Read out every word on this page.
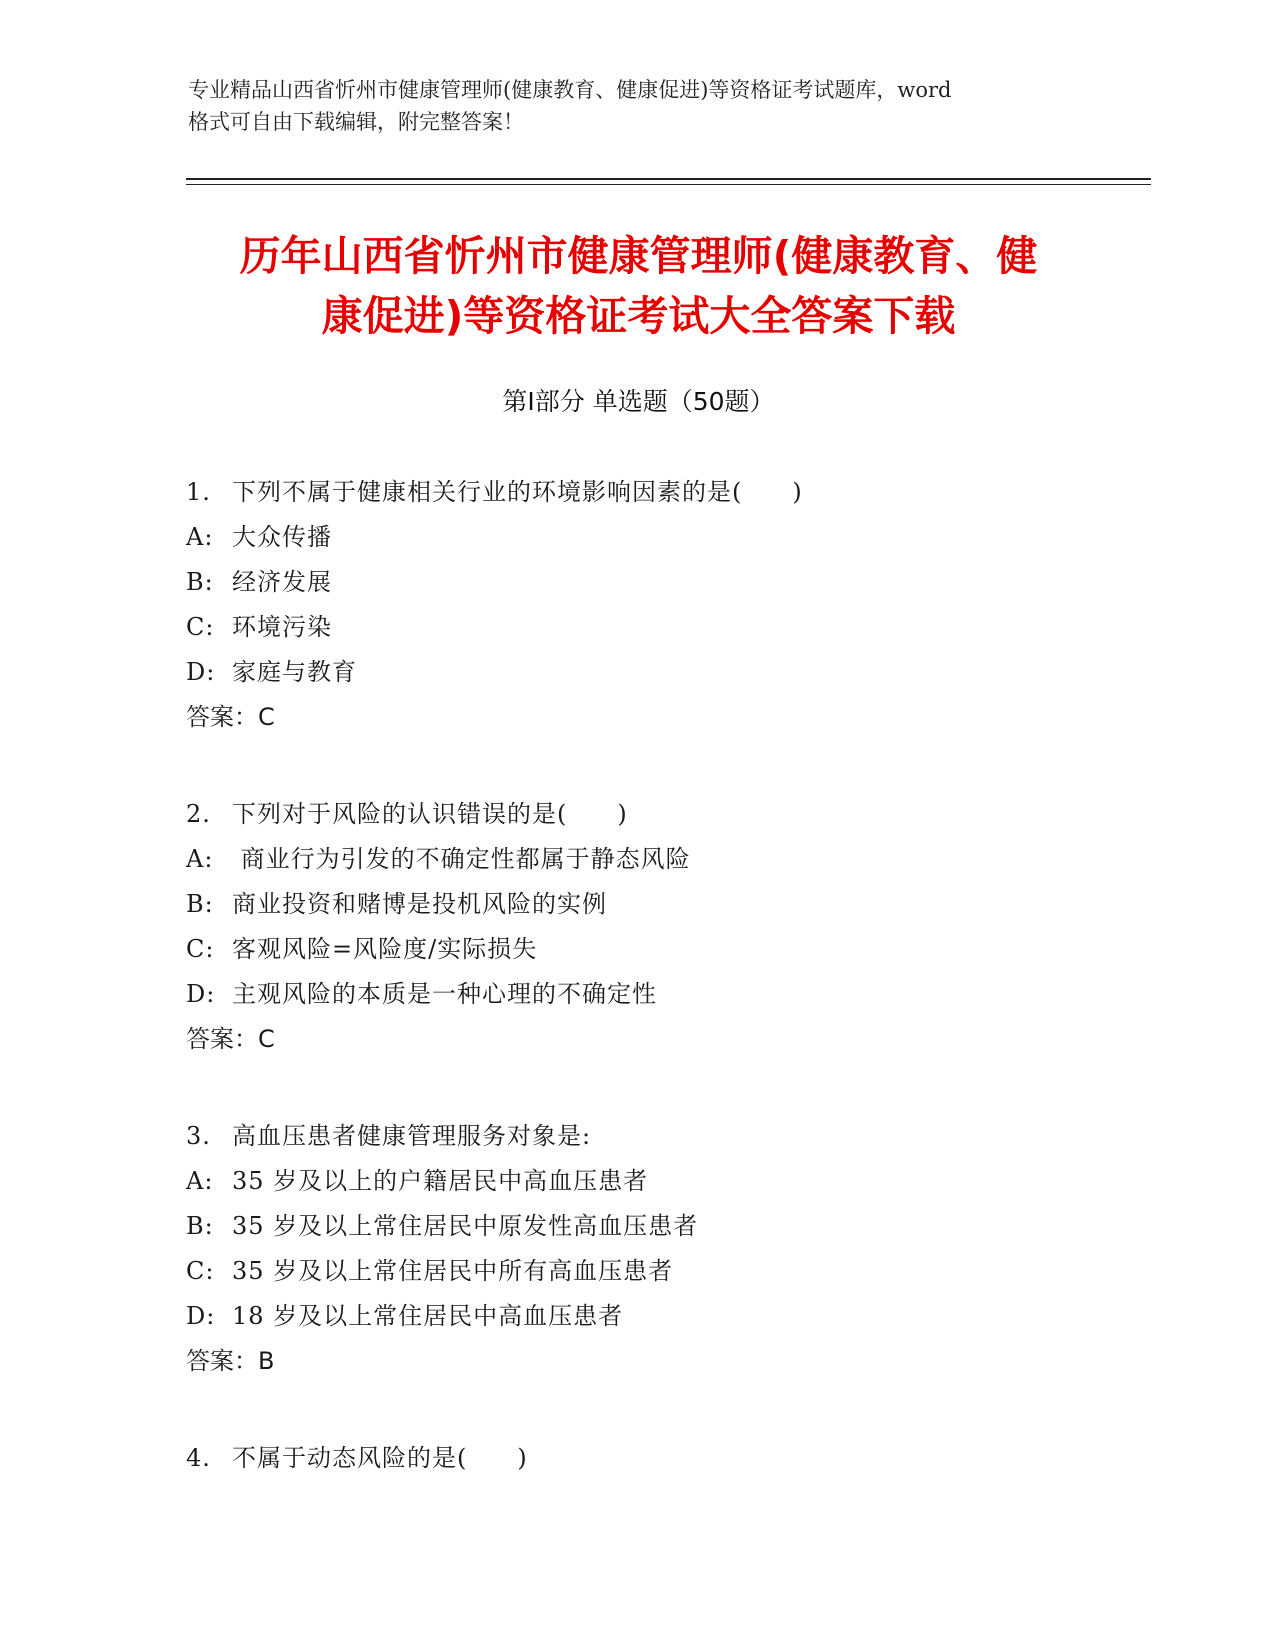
专业精品山西省忻州市健康管理师(健康教育、健康促进)等资格证考试题库，word
格式可自由下载编辑，附完整答案！
历年山西省忻州市健康管理师(健康教育、健
康促进)等资格证考试大全答案下载
第Ⅰ部分 单选题（50题）
1. 下列不属于健康相关行业的环境影响因素的是(　　)
A: 大众传播
B: 经济发展
C: 环境污染
D: 家庭与教育
答案：C
2. 下列对于风险的认识错误的是(　　)
A: 商业行为引发的不确定性都属于静态风险
B: 商业投资和赌博是投机风险的实例
C: 客观风险=风险度/实际损失
D: 主观风险的本质是一种心理的不确定性
答案：C
3. 高血压患者健康管理服务对象是:
A: 35 岁及以上的户籍居民中高血压患者
B: 35 岁及以上常住居民中原发性高血压患者
C: 35 岁及以上常住居民中所有高血压患者
D: 18 岁及以上常住居民中高血压患者
答案：B
4. 不属于动态风险的是(　　)
